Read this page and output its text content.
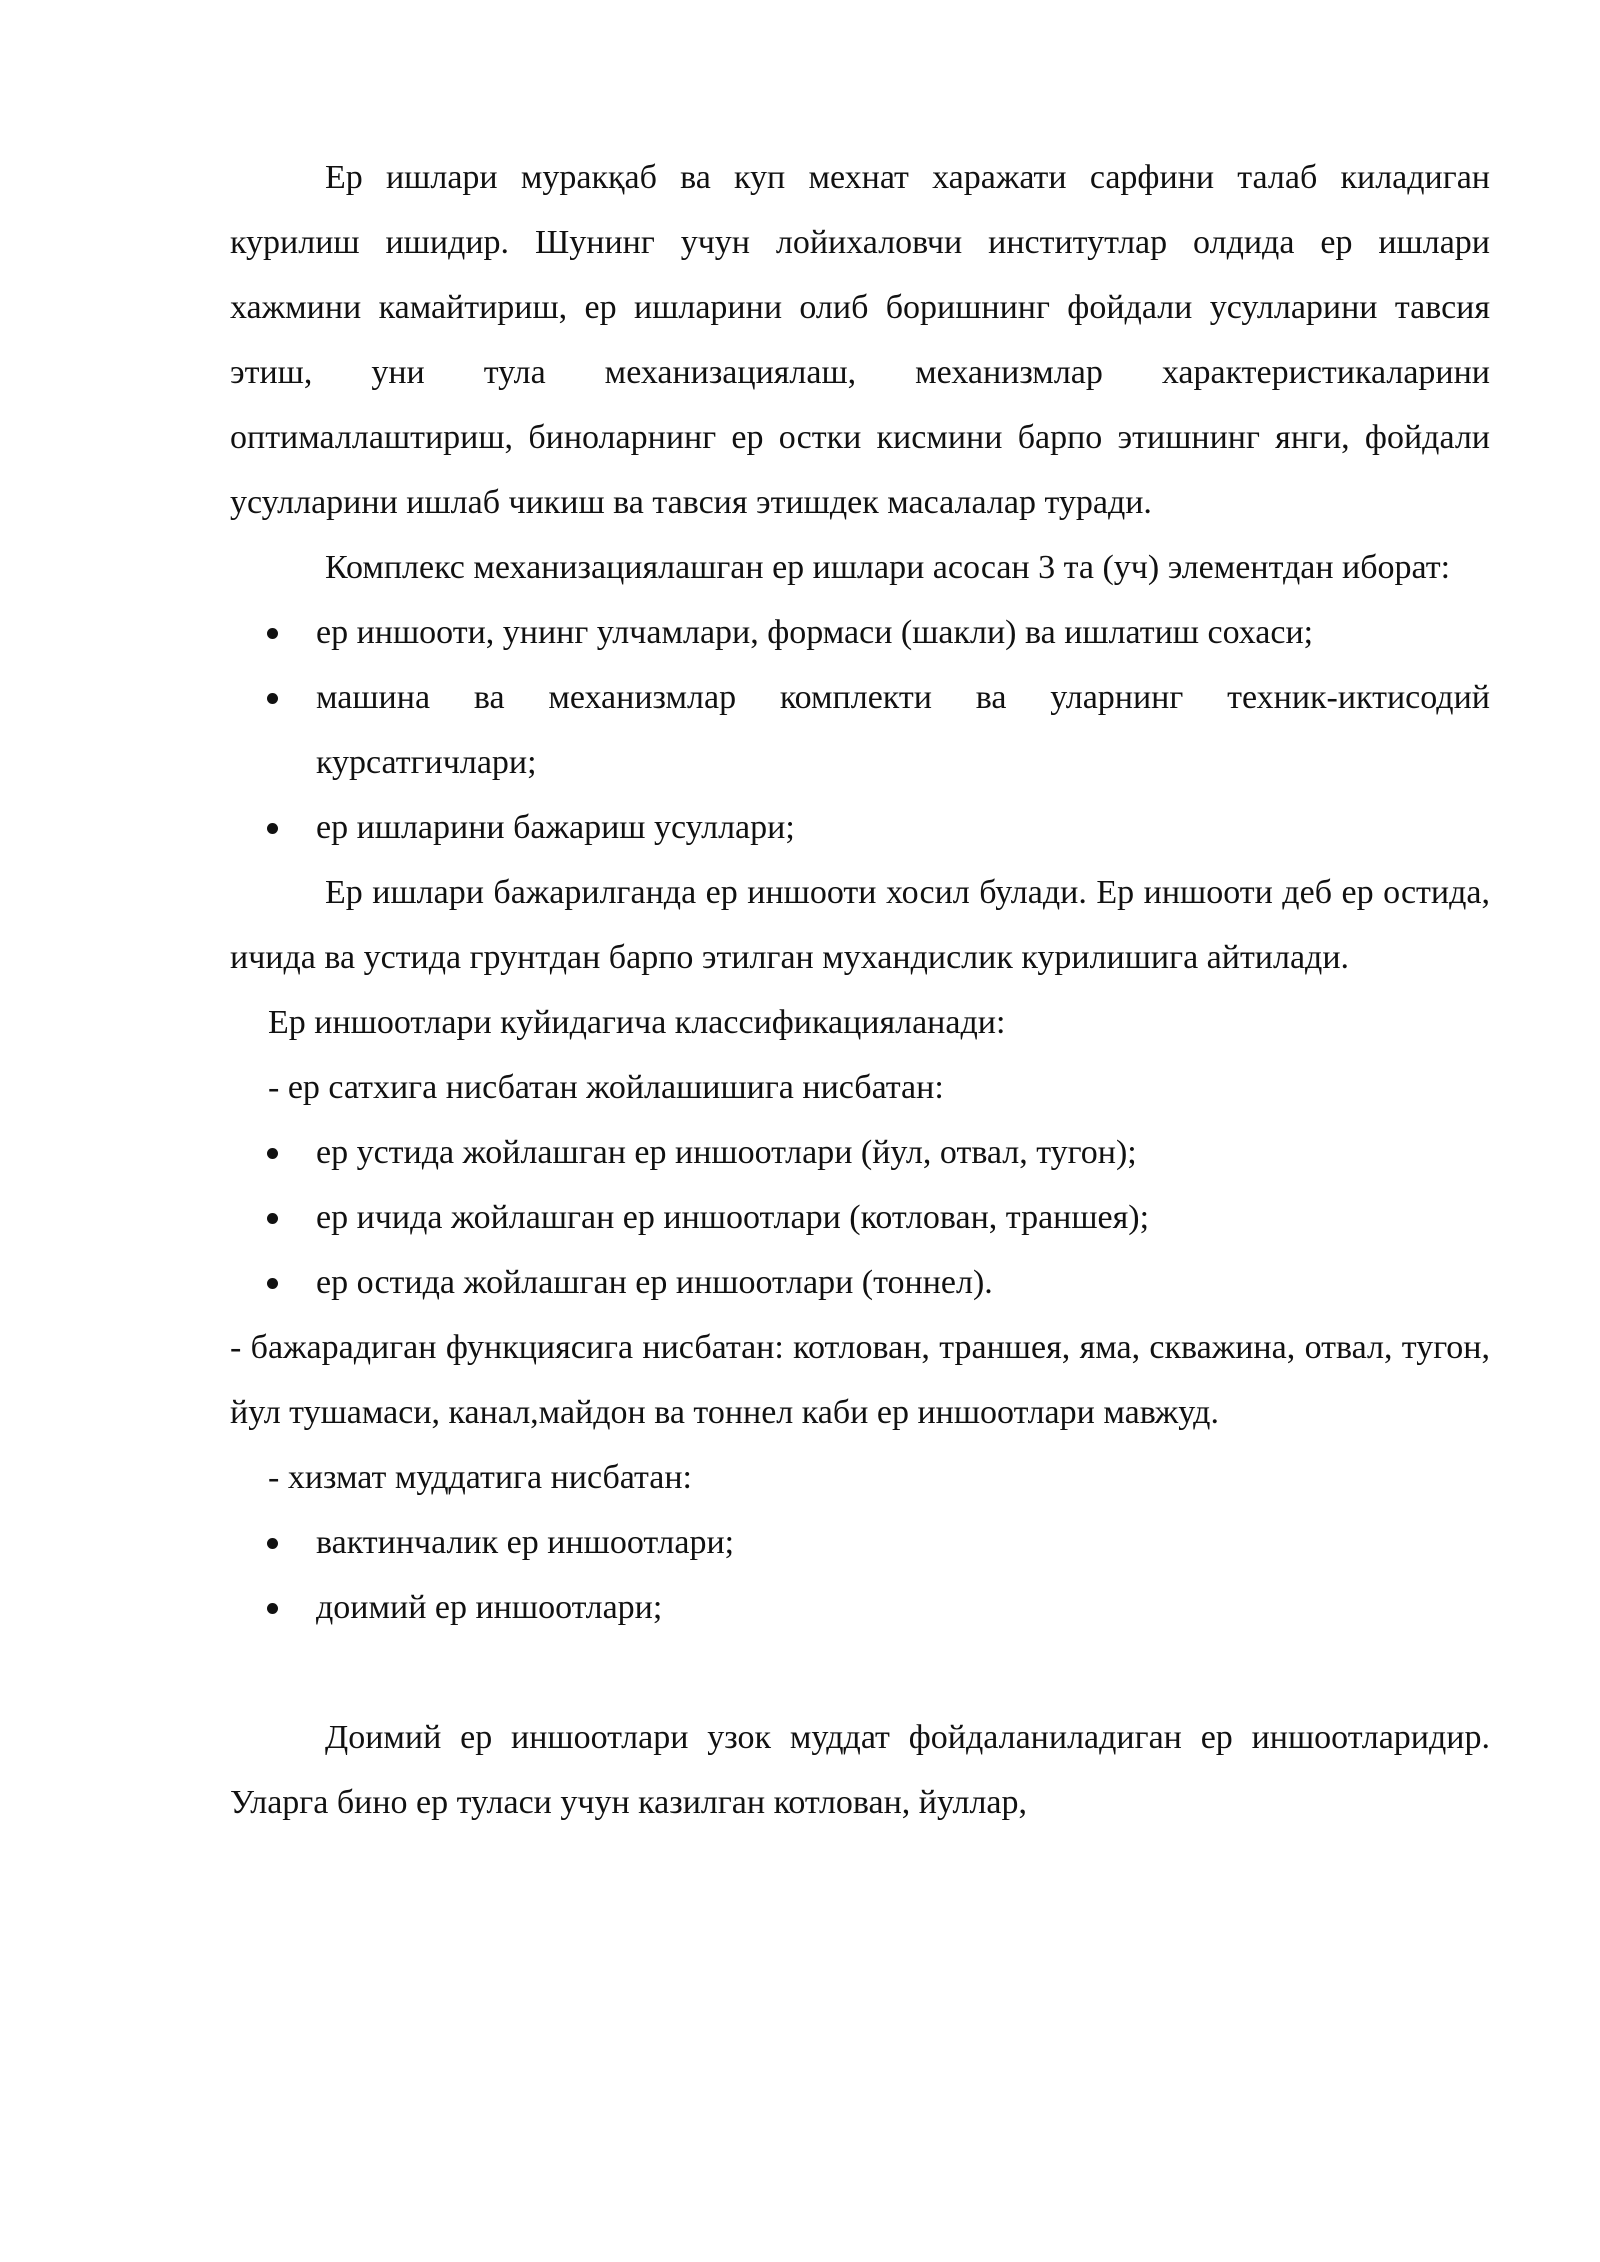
Ер ишлари муракқаб ва куп мехнат харажати сарфини талаб киладиган курилиш ишидир. Шунинг учун лойихаловчи институтлар олдида ер ишлари хажмини камайтириш, ер ишларини олиб боришнинг фойдали усулларини тавсия этиш, уни тула механизациялаш, механизмлар характеристикаларини оптималлаштириш, биноларнинг ер остки кисмини барпо этишнинг янги, фойдали усулларини ишлаб чикиш ва тавсия этишдек масалалар туради.

Комплекс механизациялашган ер ишлари асосан 3 та (уч) элементдан иборат:

ер иншооти, унинг улчамлари, формаси (шакли) ва ишлатиш сохаси;
машина ва механизмлар комплекти ва уларнинг техник-иктисодий курсатгичлари;
ер ишларини бажариш усуллари;

Ер ишлари бажарилганда ер иншооти хосил булади. Ер иншооти деб ер остида, ичида ва устида грунтдан барпо этилган мухандислик курилишига айтилади.

Ер иншоотлари куйидагича классификацияланади:

- ер сатхига нисбатан жойлашишига нисбатан:

ер устида жойлашган ер иншоотлари (йул, отвал, тугон);
ер ичида жойлашган ер иншоотлари (котлован, траншея);
ер остида жойлашган ер иншоотлари (тоннел).

- бажарадиган функциясига нисбатан: котлован, траншея, яма, скважина, отвал, тугон, йул тушамаси, канал,майдон ва тоннел каби ер иншоотлари мавжуд.

- хизмат муддатига нисбатан:

вактинчалик ер иншоотлари;
доимий ер иншоотлари;

Доимий ер иншоотлари узок муддат фойдаланиладиган ер иншоотларидир. Уларга бино ер туласи учун казилган котлован, йуллар,
